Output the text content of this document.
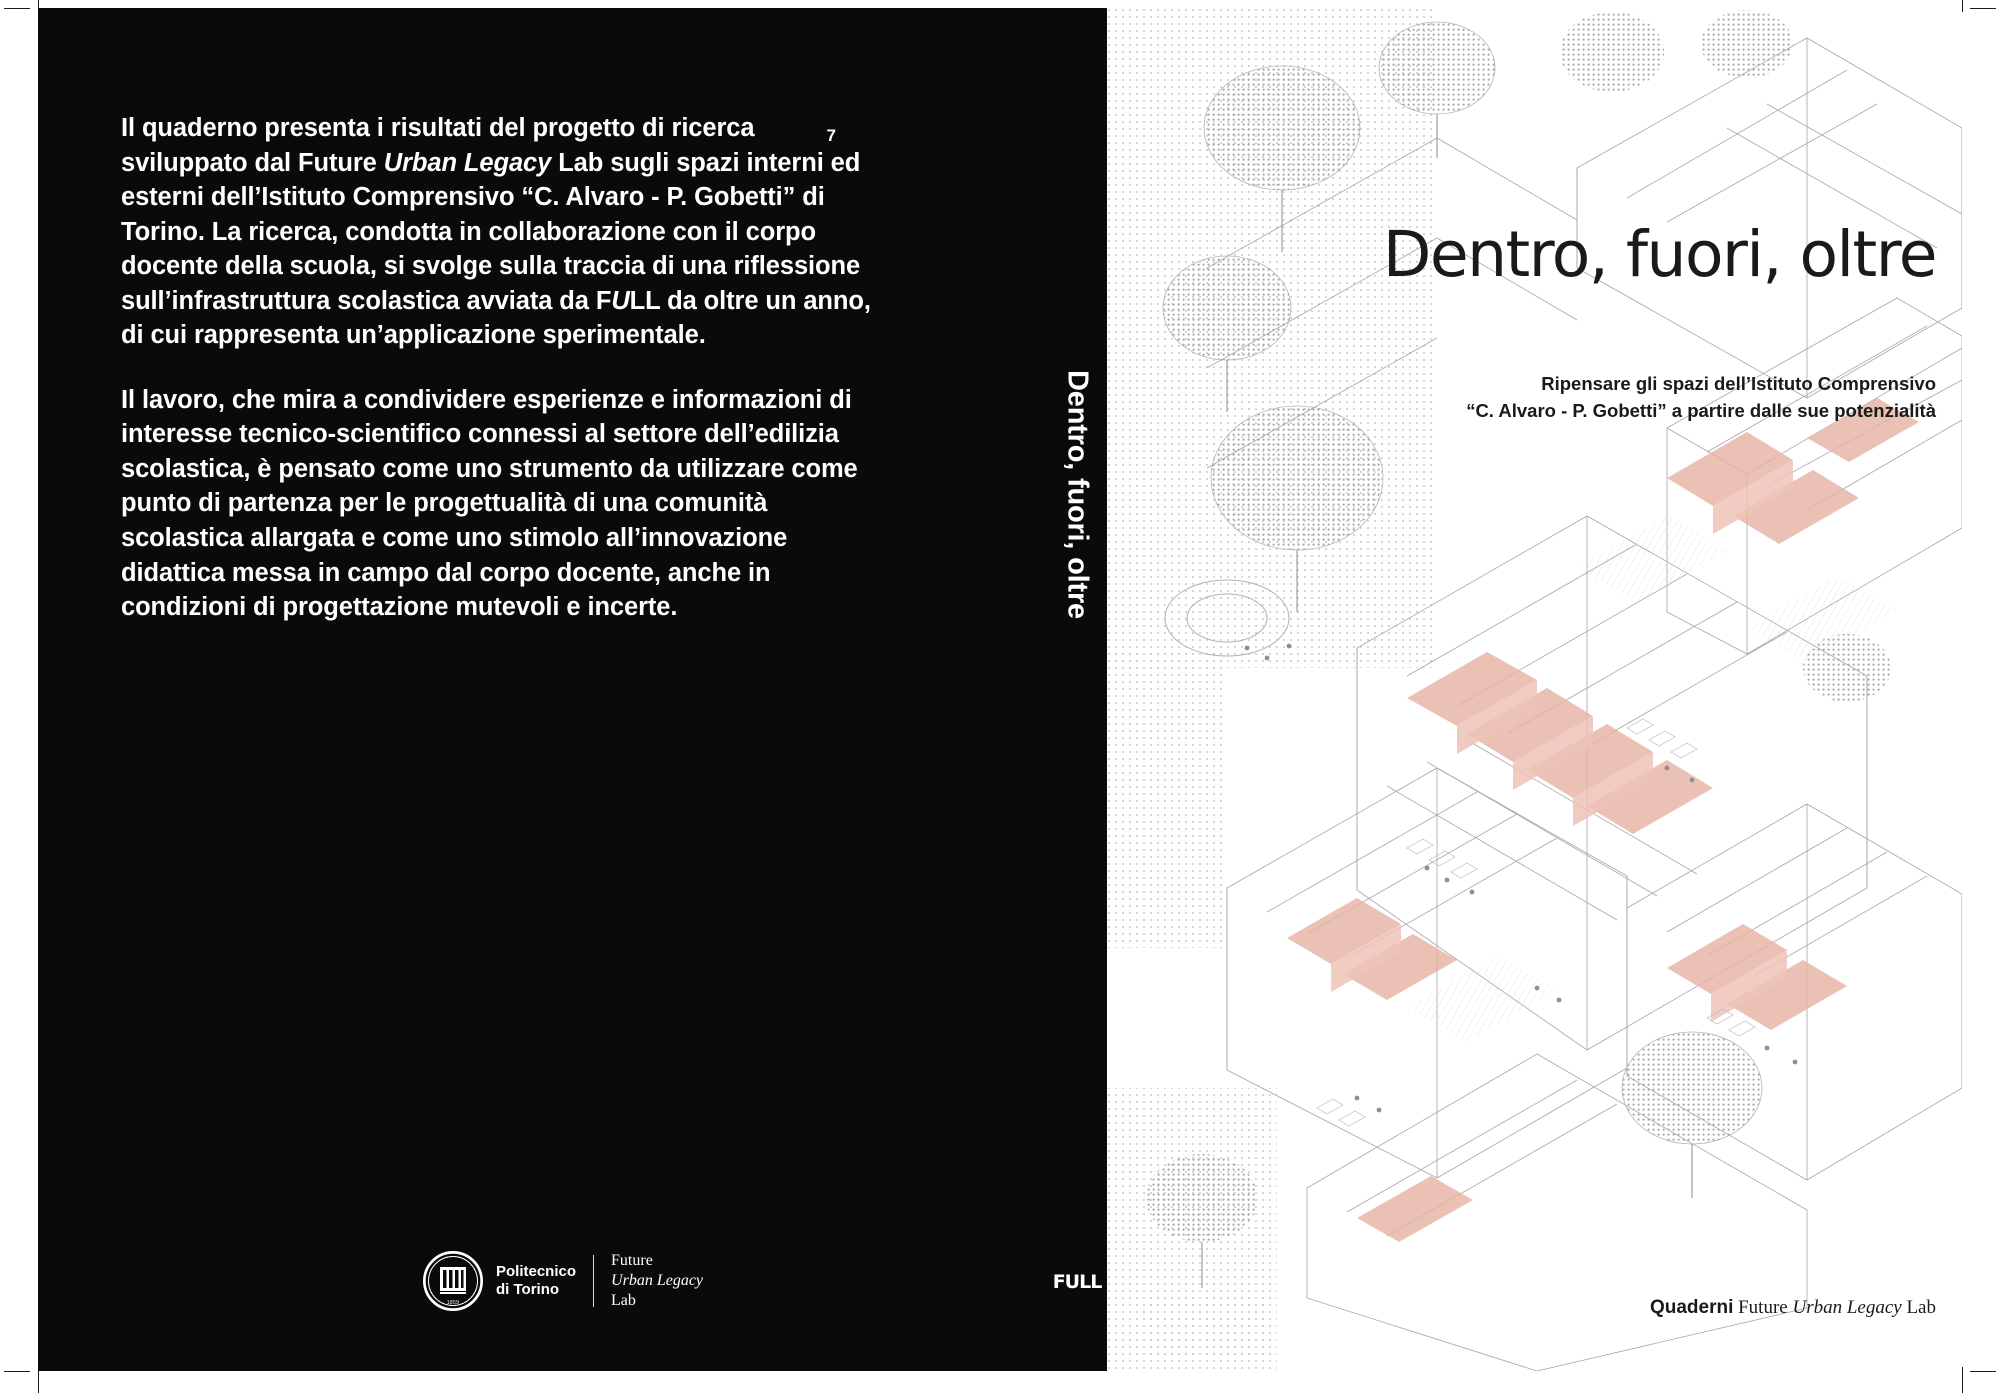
7

Il quaderno presenta i risultati del progetto di ricerca sviluppato dal Future Urban Legacy Lab sugli spazi interni ed esterni dell’Istituto Comprensivo “C. Alvaro - P. Gobetti” di Torino. La ricerca, condotta in collaborazione con il corpo docente della scuola, si svolge sulla traccia di una riflessione sull’infrastruttura scolastica avviata da FULL da oltre un anno, di cui rappresenta un’applicazione sperimentale.

Il lavoro, che mira a condividere esperienze e informazioni di interesse tecnico-scientifico connessi al settore dell’edilizia scolastica, è pensato come uno strumento da utilizzare come punto di partenza per le progettualità di una comunità scolastica allargata e come uno stimolo all’innovazione didattica messa in campo dal corpo docente, anche in condizioni di progettazione mutevoli e incerte.

1859
Politecnico
di Torino
Future
Urban Legacy
Lab
Dentro, fuori, oltre
FULL
Dentro, fuori, oltre
Ripensare gli spazi dell’Istituto Comprensivo
“C. Alvaro - P. Gobetti” a partire dalle sue potenzialità
Quaderni Future Urban Legacy Lab
